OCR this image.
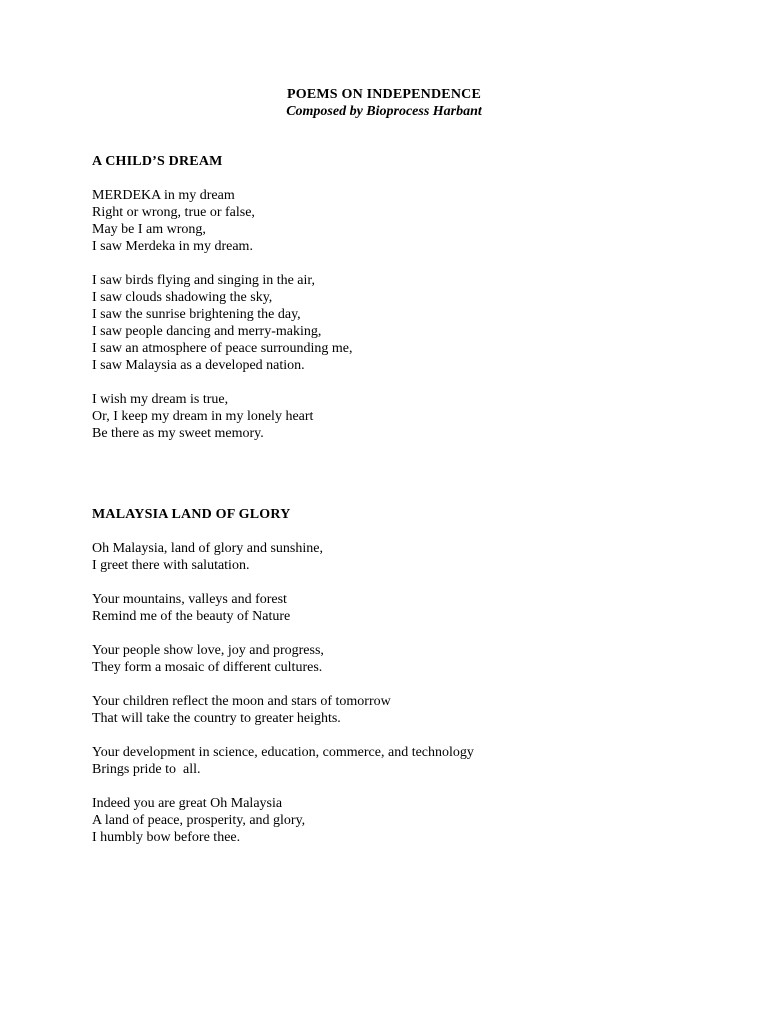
POEMS ON INDEPENDENCE
Composed by Bioprocess Harbant
A CHILD’S DREAM
MERDEKA in my dream
Right or wrong, true or false,
May be I am wrong,
I saw Merdeka in my dream.
I saw birds flying and singing in the air,
I saw clouds shadowing the sky,
I saw the sunrise brightening the day,
I saw people dancing and merry-making,
I saw an atmosphere of peace surrounding me,
I saw Malaysia as a developed nation.
I wish my dream is true,
Or, I keep my dream in my lonely heart
Be there as my sweet memory.
MALAYSIA LAND OF GLORY
Oh Malaysia, land of glory and sunshine,
I greet there with salutation.
Your mountains, valleys and forest
Remind me of the beauty of Nature
Your people show love, joy and progress,
They form a mosaic of different cultures.
Your children reflect the moon and stars of tomorrow
That will take the country to greater heights.
Your development in science, education, commerce, and technology
Brings pride to  all.
Indeed you are great Oh Malaysia
A land of peace, prosperity, and glory,
I humbly bow before thee.
